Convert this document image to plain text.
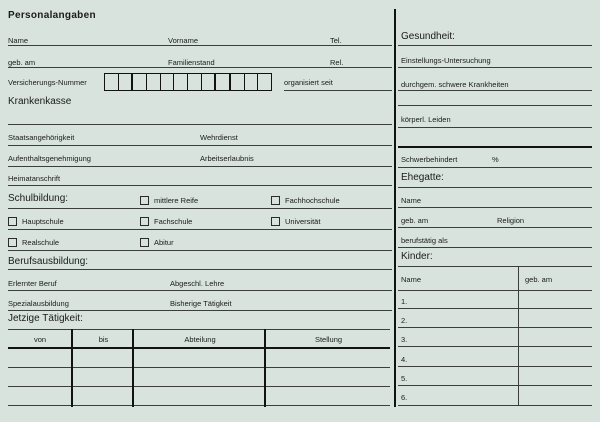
Personalangaben
Name	Vorname	Tel.
geb. am	Familienstand	Rel.
Versicherungs-Nummer	organisiert seit
Krankenkasse
Staatsangehörigkeit	Wehrdienst
Aufenthaltsgenehmigung	Arbeitserlaubnis
Heimatanschrift
Schulbildung:	mittlere Reife	Fachhochschule
Hauptschule	Fachschule	Universität
Realschule	Abitur
Berufsausbildung:
Erlernter Beruf	Abgeschl. Lehre
Spezialausbildung	Bisherige Tätigkeit
Jetzige Tätigkeit:
von	bis	Abteilung	Stellung
Gesundheit:
Einstellungs-Untersuchung
durchgem. schwere Krankheiten
körperl. Leiden
Schwerbehindert	%
Ehegatte:
Name
geb. am	Religion
berufstätig als
Kinder:
Name	geb. am
1.
2.
3.
4.
5.
6.
